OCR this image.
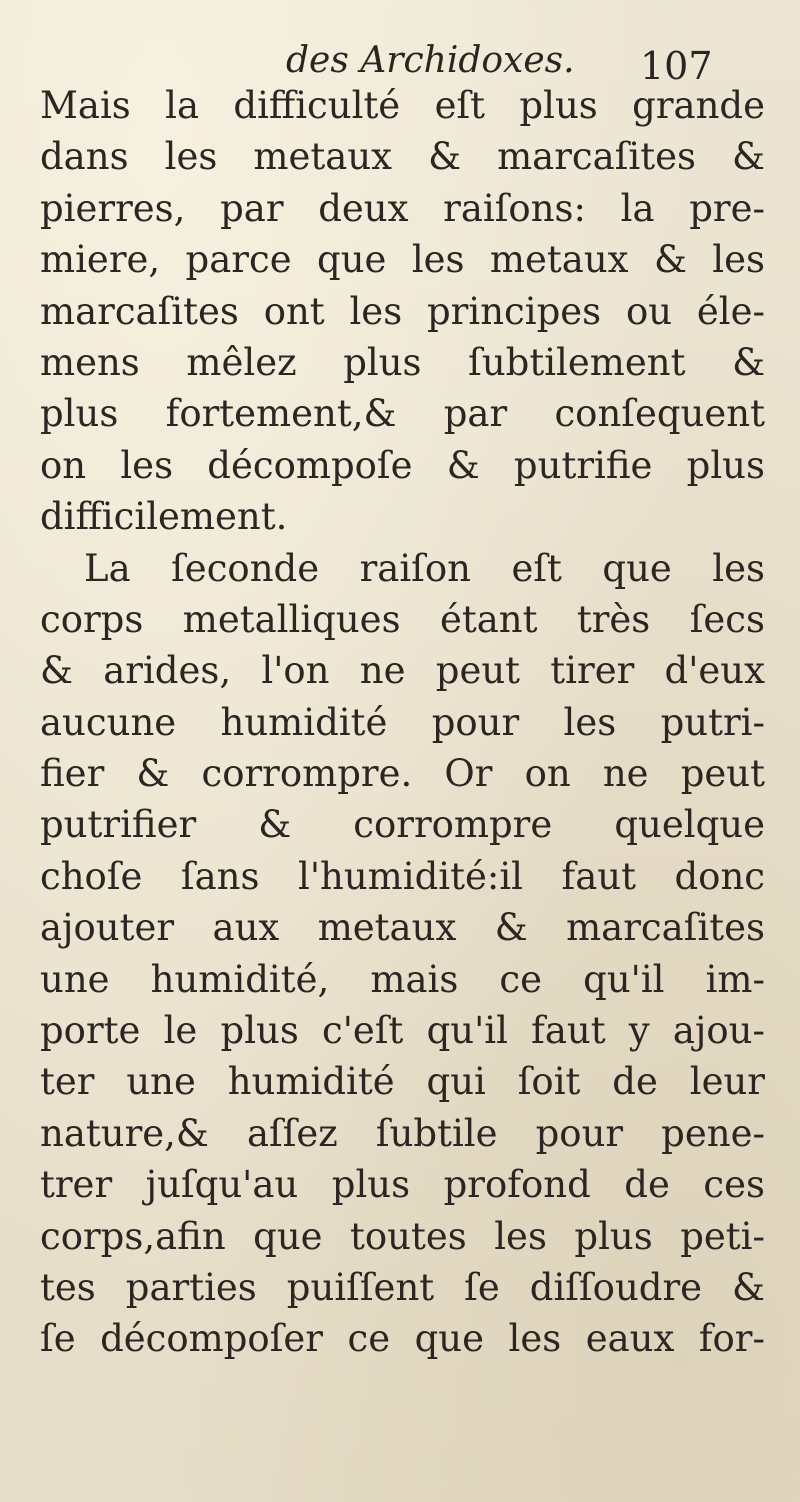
des Archidoxes. 107
Mais la difficulté eſt plus grande
dans les metaux & marcaſites &
pierres, par deux raiſons: la pre-
miere, parce que les metaux & les
marcaſites ont les principes ou éle-
mens mêlez plus ſubtilement &
plus fortement,& par conſequent
on les décompoſe & putrifie plus
difficilement.
La ſeconde raiſon eſt que les
corps metalliques étant très ſecs
& arides, l'on ne peut tirer d'eux
aucune humidité pour les putri-
fier & corrompre. Or on ne peut
putrifier & corrompre quelque
choſe ſans l'humidité:il faut donc
ajouter aux metaux & marcaſites
une humidité, mais ce qu'il im-
porte le plus c'eſt qu'il faut y ajou-
ter une humidité qui ſoit de leur
nature,& aſſez ſubtile pour pene-
trer juſqu'au plus profond de ces
corps,afin que toutes les plus peti-
tes parties puiſſent ſe diſſoudre &
ſe décompoſer ce que les eaux for-
